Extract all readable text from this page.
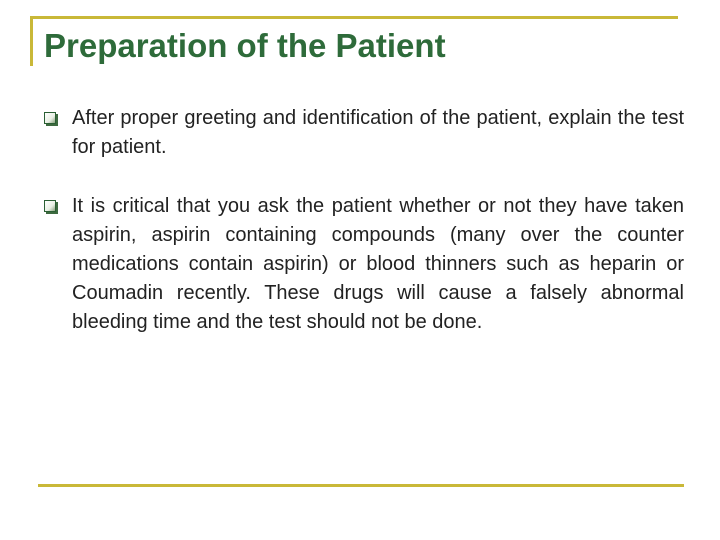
Preparation of the Patient
After proper greeting and identification of the patient, explain the test for patient.
It is critical that you ask the patient whether or not they have taken aspirin, aspirin containing compounds (many over the counter medications contain aspirin) or blood thinners such as heparin or Coumadin recently. These drugs will cause a falsely abnormal bleeding time and the test should not be done.
